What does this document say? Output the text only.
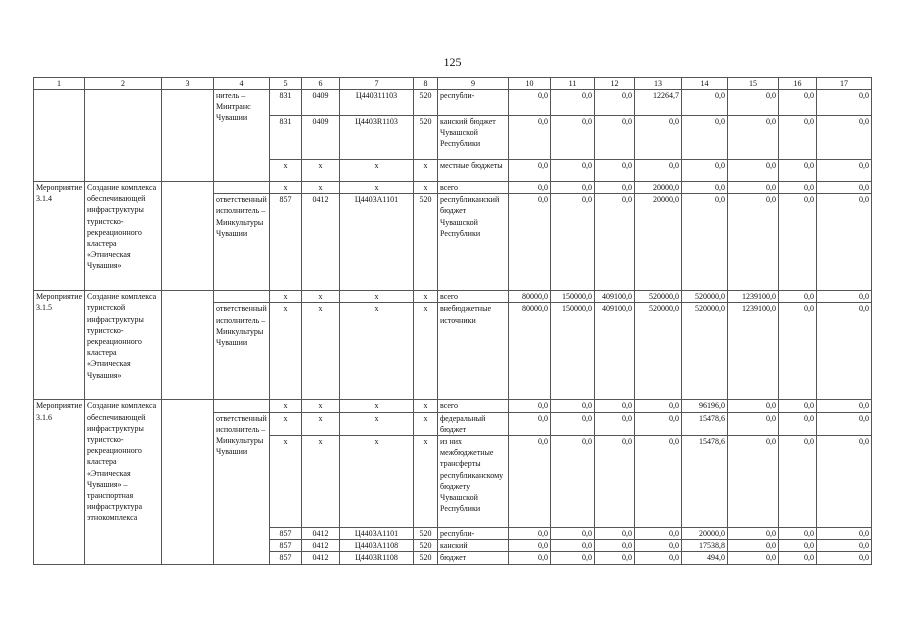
125
1	2	3	4	5	6	7	8	9	10	11	12	13	14	15	16	17
			нитель – Минтранс Чувашии	831	0409	Ц440311103	520	республи-	0,0	0,0	0,0	12264,7	0,0	0,0	0,0	0,0
				831	0409	Ц4403R1103	520	канский бюджет Чувашской Республики	0,0	0,0	0,0	0,0	0,0	0,0	0,0	0,0
				x	x	x	x	местные бюджеты	0,0	0,0	0,0	0,0	0,0	0,0	0,0	0,0
Мероприятие 3.1.4	Создание комплекса обеспечивающей инфраструктуры туристско-рекреационного кластера «Этническая Чувашия»			x	x	x	x	всего	0,0	0,0	0,0	20000,0	0,0	0,0	0,0	0,0
			ответственный исполнитель – Минкультуры Чувашии	857	0412	Ц4403А1101	520	республиканский бюджет Чувашской Республики	0,0	0,0	0,0	20000,0	0,0	0,0	0,0	0,0
Мероприятие 3.1.5	Создание комплекса туристской инфраструктуры туристско-рекреационного кластера «Этническая Чувашия»			x	x	x	x	всего	80000,0	150000,0	409100,0	520000,0	520000,0	1239100,0	0,0	0,0
			ответственный исполнитель – Минкультуры Чувашии	x	x	x	x	внебюджетные источники	80000,0	150000,0	409100,0	520000,0	520000,0	1239100,0	0,0	0,0
Мероприятие 3.1.6	Создание комплекса обеспечивающей инфраструктуры туристско-рекреационного кластера «Этническая Чувашия» – транспортная инфраструктура этнокомплекса			x	x	x	x	всего	0,0	0,0	0,0	0,0	96196,0	0,0	0,0	0,0
			ответственный исполнитель – Минкультуры Чувашии	x	x	x	x	федеральный бюджет	0,0	0,0	0,0	0,0	15478,6	0,0	0,0	0,0
				x	x	x	x	из них межбюджетные трансферты республиканскому бюджету Чувашской Республики	0,0	0,0	0,0	0,0	15478,6	0,0	0,0	0,0
				857	0412	Ц4403А1101	520	республи-	0,0	0,0	0,0	0,0	20000,0	0,0	0,0	0,0
				857	0412	Ц4403А1108	520	канский	0,0	0,0	0,0	0,0	17538,8	0,0	0,0	0,0
				857	0412	Ц4403R1108	520	бюджет	0,0	0,0	0,0	0,0	494,0	0,0	0,0	0,0
